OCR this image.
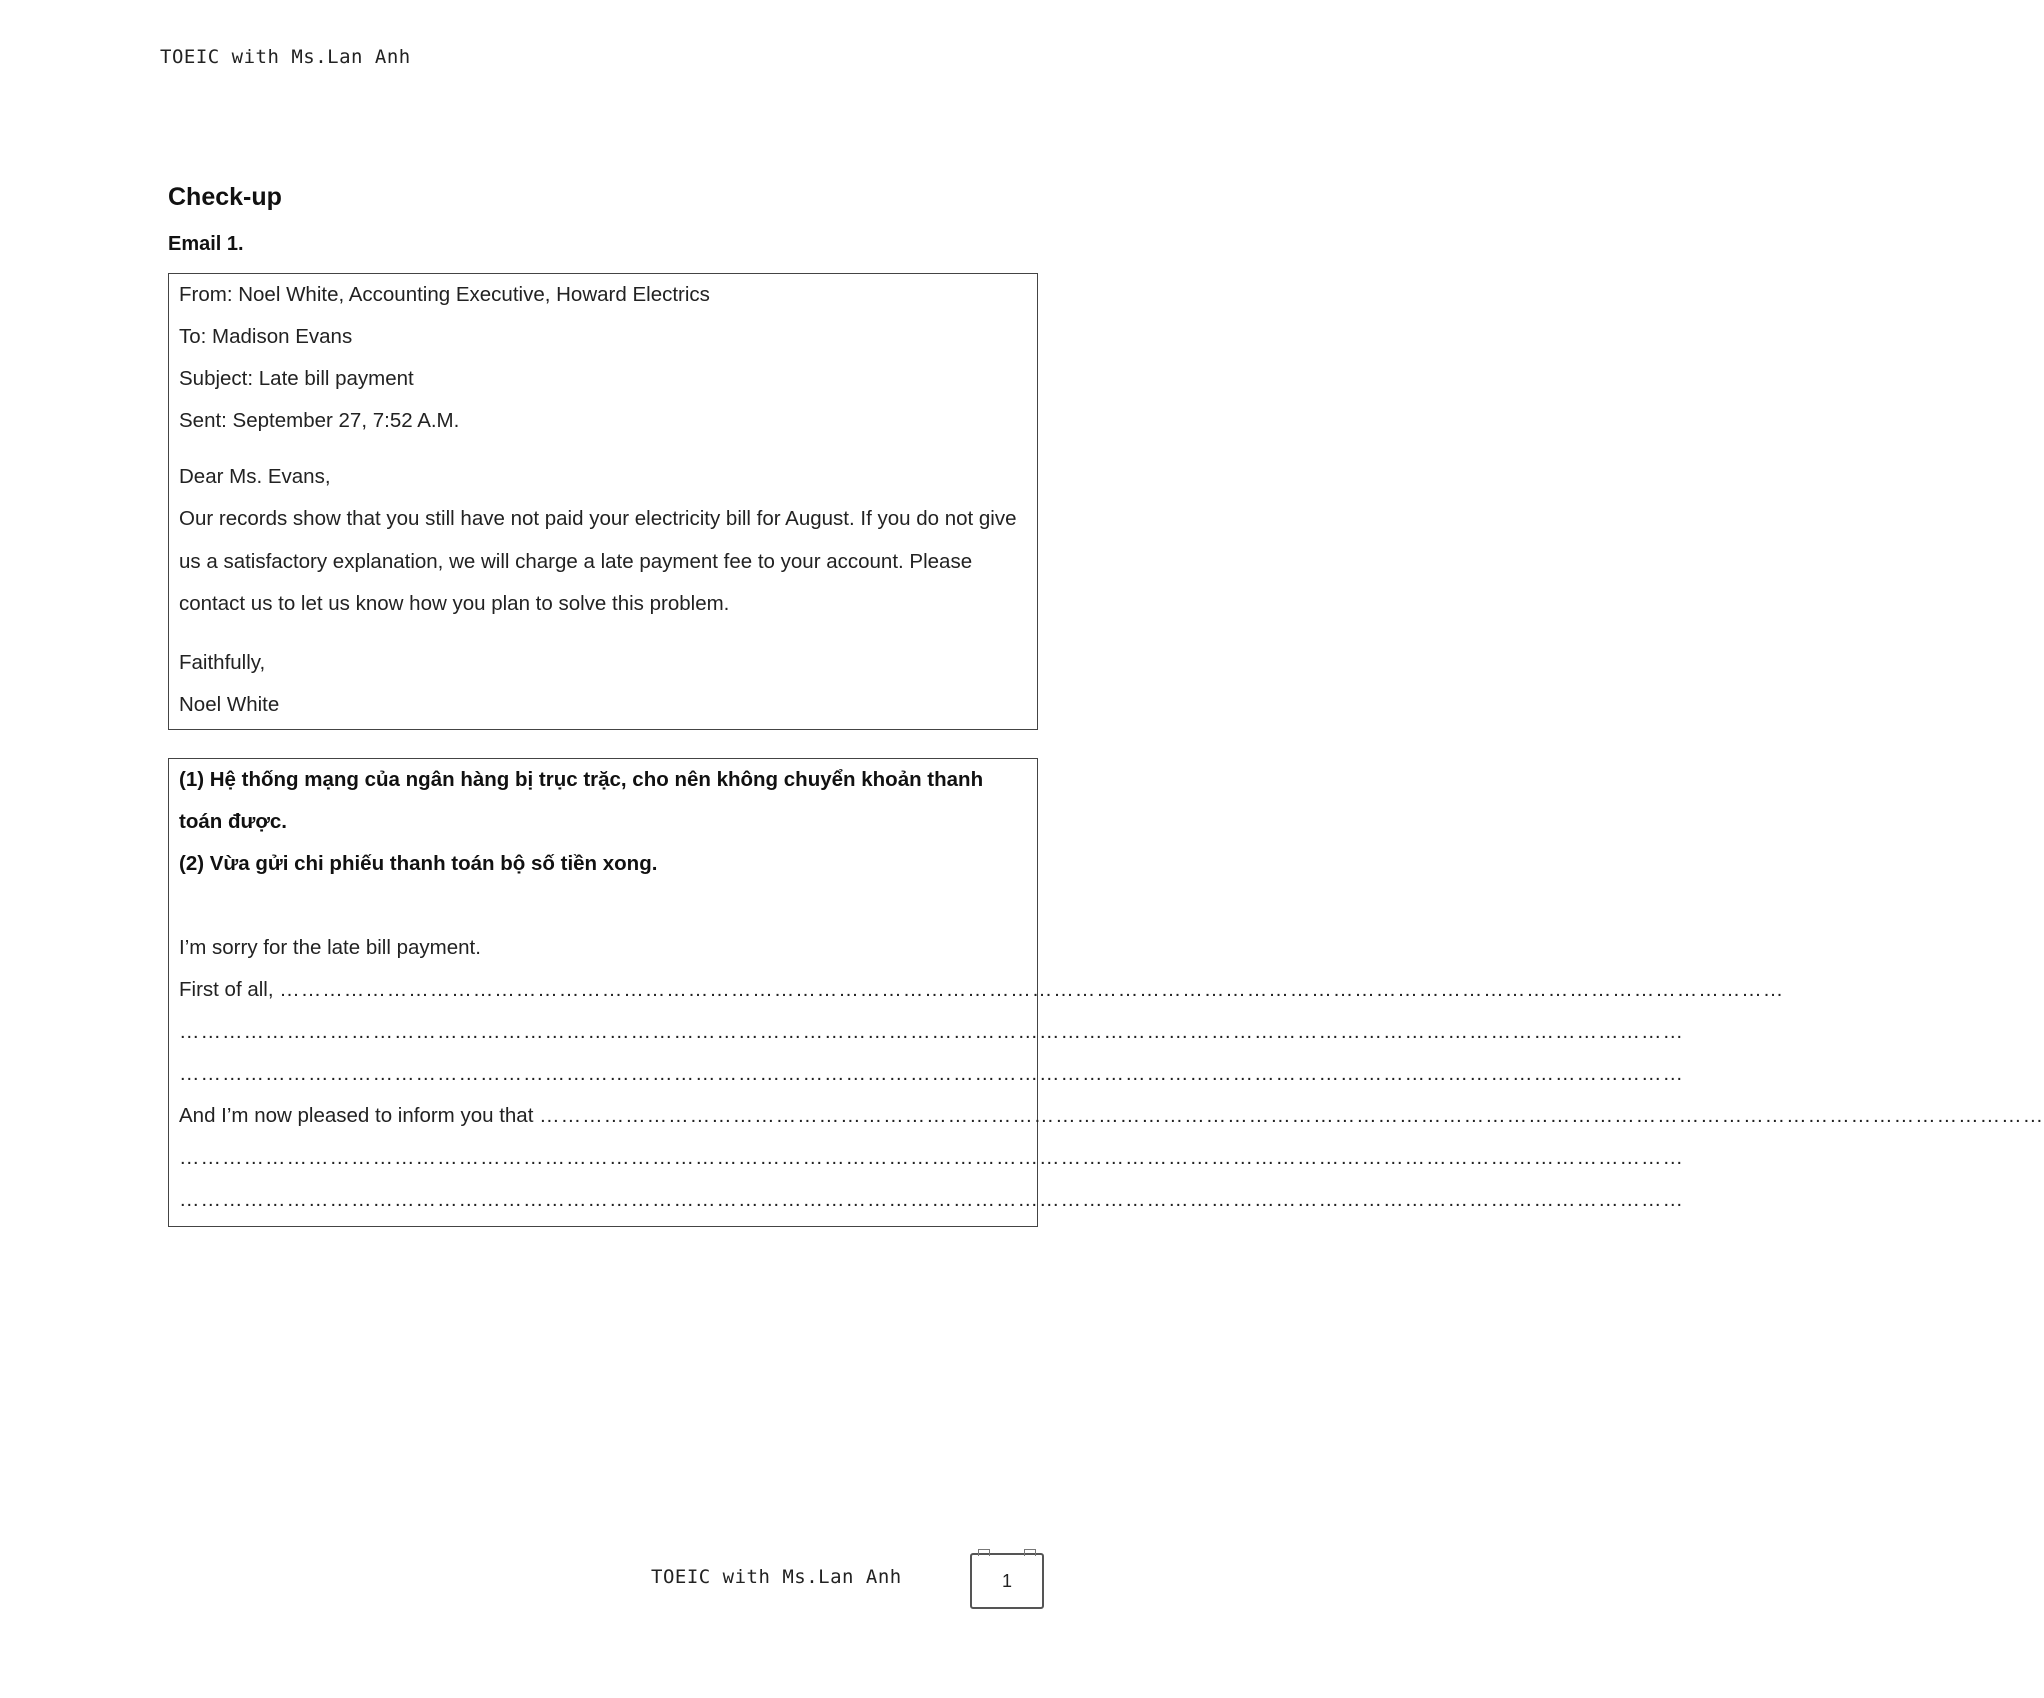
TOEIC with Ms.Lan Anh
Check-up
Email 1.
From: Noel White, Accounting Executive, Howard Electrics
To: Madison Evans
Subject: Late bill payment
Sent: September 27, 7:52 A.M.
Dear Ms. Evans,
Our records show that you still have not paid your electricity bill for August. If you do not give us a satisfactory explanation, we will charge a late payment fee to your account. Please contact us to let us know how you plan to solve this problem.
Faithfully,
Noel White
(1) Hệ thống mạng của ngân hàng bị trục trặc, cho nên không chuyển khoản thanh toán được.
(2) Vừa gửi chi phiếu thanh toán bộ số tiền xong.
I’m sorry for the late bill payment.
First of all, …………………………………………………………………………………………………………………………………………………………………………………………
…………………………………………………………………………………………………………………………………………………………………………………………
…………………………………………………………………………………………………………………………………………………………………………………………
And I’m now pleased to inform you that …………………………………………………………………………………………………………………………………………………………………………………………
…………………………………………………………………………………………………………………………………………………………………………………………
…………………………………………………………………………………………………………………………………………………………………………………………
TOEIC with Ms.Lan Anh	1
